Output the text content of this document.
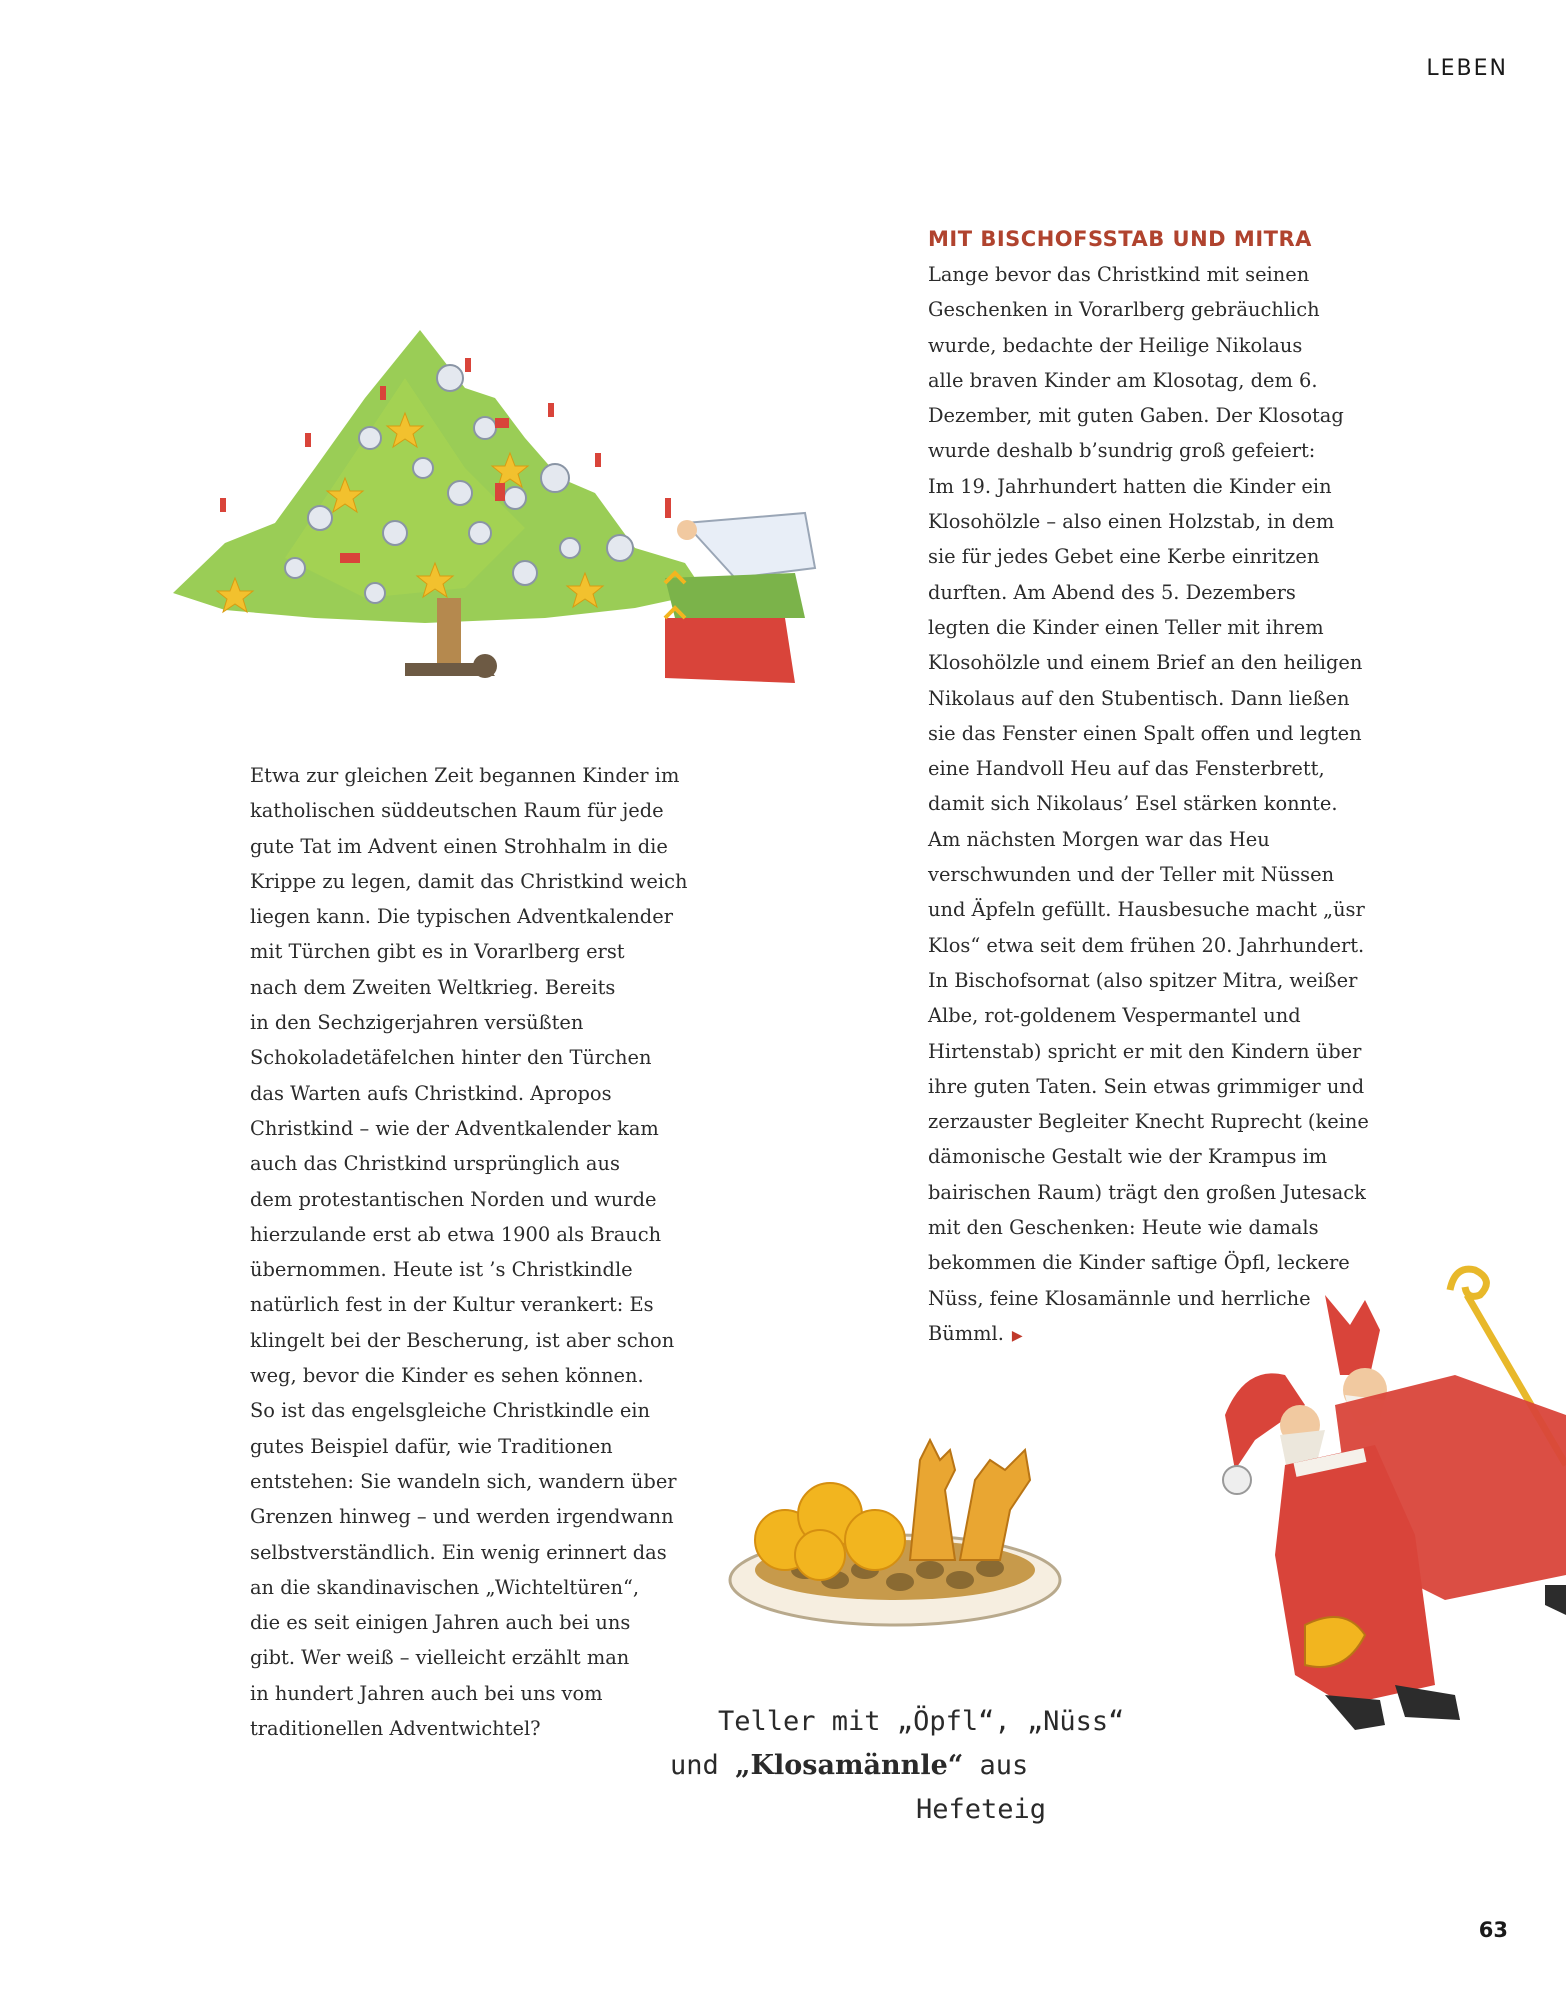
LEBEN
MIT BISCHOFSSTAB UND MITRA

Lange bevor das Christkind mit seinen
Geschenken in Vorarlberg gebräuchlich
wurde, bedachte der Heilige Nikolaus
alle braven Kinder am Klosotag, dem 6.
Dezember, mit guten Gaben. Der Klosotag
wurde deshalb b’sundrig groß gefeiert:
Im 19. Jahrhundert hatten die Kinder ein
Klosohölzle – also einen Holzstab, in dem
sie für jedes Gebet eine Kerbe einritzen
durften. Am Abend des 5. Dezembers
legten die Kinder einen Teller mit ihrem
Klosohölzle und einem Brief an den heiligen
Nikolaus auf den Stubentisch. Dann ließen
sie das Fenster einen Spalt offen und legten
eine Handvoll Heu auf das Fensterbrett,
damit sich Nikolaus’ Esel stärken konnte.
Am nächsten Morgen war das Heu
verschwunden und der Teller mit Nüssen
und Äpfeln gefüllt. Hausbesuche macht „üsr
Klos“ etwa seit dem frühen 20. Jahrhundert.
In Bischofsornat (also spitzer Mitra, weißer
Albe, rot-goldenem Vespermantel und
Hirtenstab) spricht er mit den Kindern über
ihre guten Taten. Sein etwas grimmiger und
zerzauster Begleiter Knecht Ruprecht (keine
dämonische Gestalt wie der Krampus im
bairischen Raum) trägt den großen Jutesack
mit den Geschenken: Heute wie damals
bekommen die Kinder saftige Öpfl, leckere
Nüss, feine Klosamännle und herrliche
Bümml. ▶

Etwa zur gleichen Zeit begannen Kinder im
katholischen süddeutschen Raum für jede
gute Tat im Advent einen Strohhalm in die
Krippe zu legen, damit das Christkind weich
liegen kann. Die typischen Adventkalender
mit Türchen gibt es in Vorarlberg erst
nach dem Zweiten Weltkrieg. Bereits
in den Sechzigerjahren versüßten
Schokoladetäfelchen hinter den Türchen
das Warten aufs Christkind. Apropos
Christkind – wie der Adventkalender kam
auch das Christkind ursprünglich aus
dem protestantischen Norden und wurde
hierzulande erst ab etwa 1900 als Brauch
übernommen. Heute ist ’s Christkindle
natürlich fest in der Kultur verankert: Es
klingelt bei der Bescherung, ist aber schon
weg, bevor die Kinder es sehen können.
So ist das engelsgleiche Christkindle ein
gutes Beispiel dafür, wie Traditionen
entstehen: Sie wandeln sich, wandern über
Grenzen hinweg – und werden irgendwann
selbstverständlich. Ein wenig erinnert das
an die skandinavischen „Wichteltüren“,
die es seit einigen Jahren auch bei uns
gibt. Wer weiß – vielleicht erzählt man
in hundert Jahren auch bei uns vom
traditionellen Adventwichtel?	Teller mit „Öpfl“, „Nüss“
und „Klosamännle“ aus
Hefeteig
63
